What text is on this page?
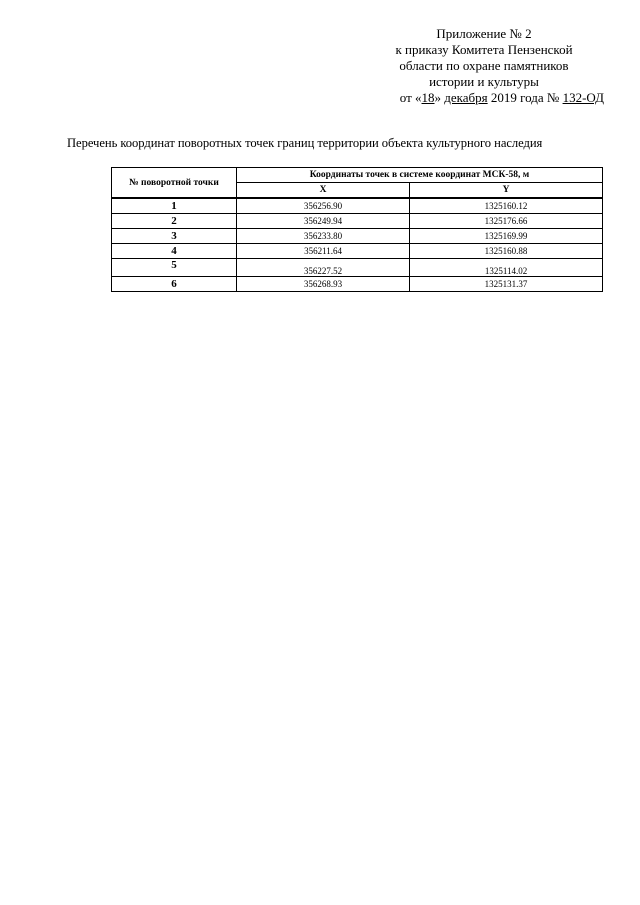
Приложение № 2
к приказу Комитета Пензенской
области по охране памятников
истории и культуры
от «18» декабря 2019 года № 132-ОД
Перечень координат поворотных точек границ территории объекта культурного наследия
№ поворотной точки	Координаты точек в системе координат МСК-58, м	
	X	Y
1	356256.90	1325160.12
2	356249.94	1325176.66
3	356233.80	1325169.99
4	356211.64	1325160.88
5	356227.52	1325114.02
6	356268.93	1325131.37
